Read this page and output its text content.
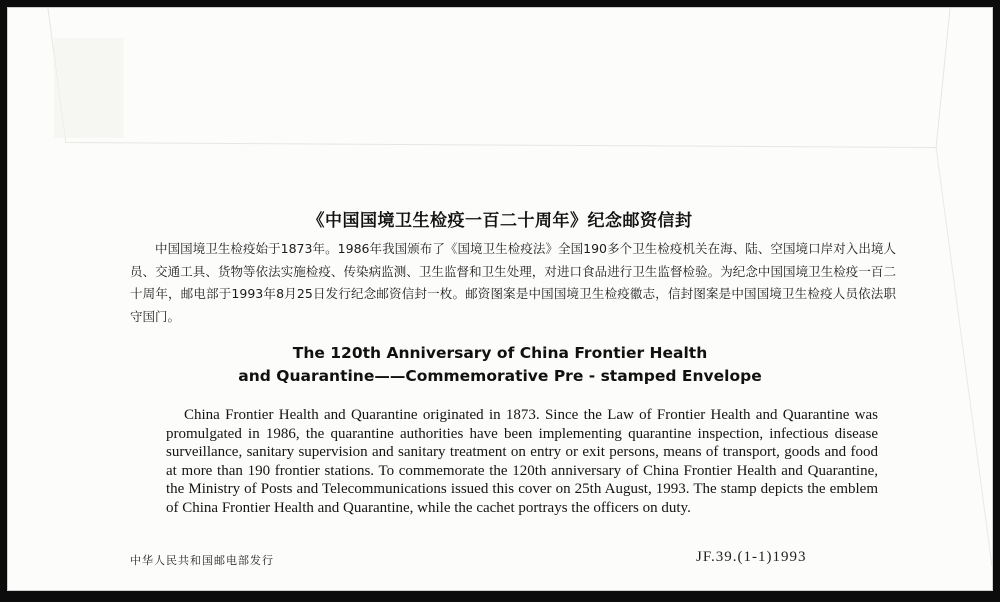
《中国国境卫生检疫一百二十周年》纪念邮资信封

中国国境卫生检疫始于1873年。1986年我国颁布了《国境卫生检疫法》全国190多个卫生检疫机关在海、陆、空国境口岸对入出境人员、交通工具、货物等依法实施检疫、传染病监测、卫生监督和卫生处理，对进口食品进行卫生监督检验。为纪念中国国境卫生检疫一百二十周年，邮电部于1993年8月25日发行纪念邮资信封一枚。邮资图案是中国国境卫生检疫徽志，信封图案是中国国境卫生检疫人员依法职守国门。

The 120th Anniversary of China Frontier Health
and Quarantine——Commemorative Pre - stamped Envelope

China Frontier Health and Quarantine originated in 1873. Since the Law of Frontier Health and Quarantine was promulgated in 1986, the quarantine authorities have been implementing quarantine inspection, infectious disease surveillance, sanitary supervision and sanitary treatment on entry or exit persons, means of transport, goods and food at more than 190 frontier stations. To commemorate the 120th anniversary of China Frontier Health and Quarantine, the Ministry of Posts and Telecommunications issued this cover on 25th August, 1993. The stamp depicts the emblem of China Frontier Health and Quarantine, while the cachet portrays the officers on duty.

中华人民共和国邮电部发行	JF.39.(1-1)1993
